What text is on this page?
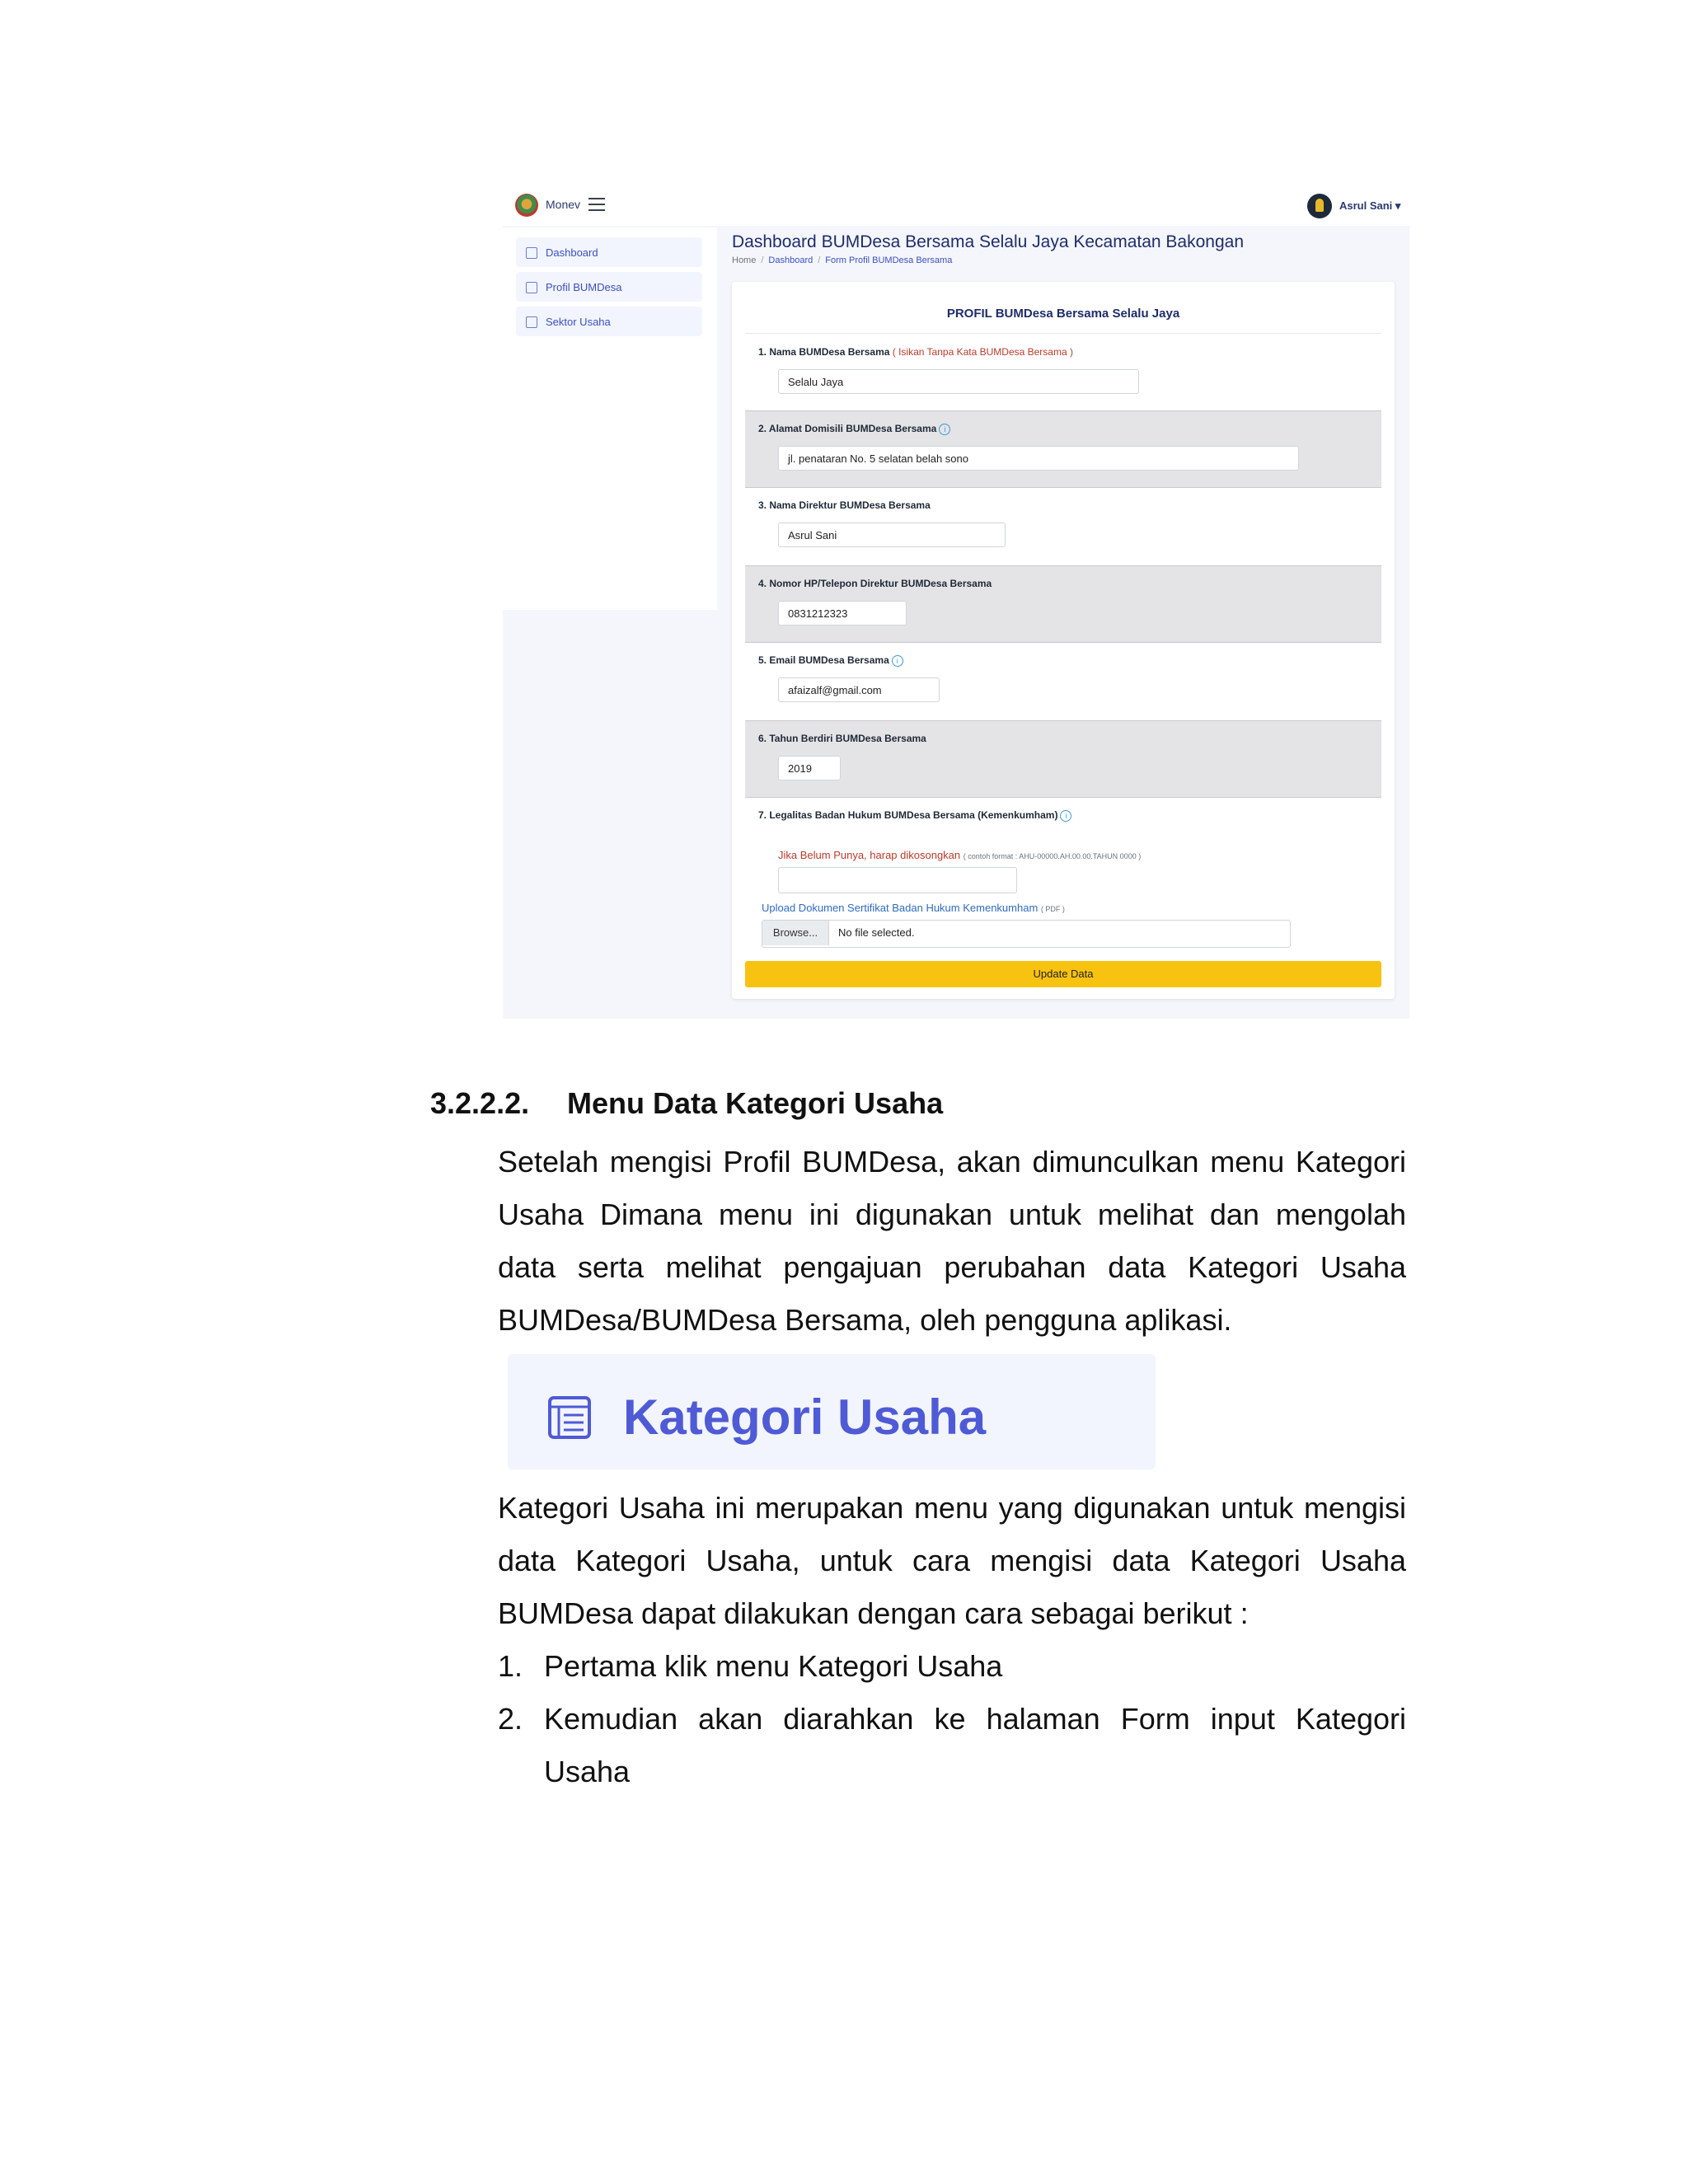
Monev	Asrul Sani ▾
Dashboard
Profil BUMDesa
Sektor Usaha
Dashboard BUMDesa Bersama Selalu Jaya Kecamatan Bakongan
Home / Dashboard / Form Profil BUMDesa Bersama
PROFIL BUMDesa Bersama Selalu Jaya
1. Nama BUMDesa Bersama ( Isikan Tanpa Kata BUMDesa Bersama )
Selalu Jaya
2. Alamat Domisili BUMDesa Bersama i
jl. penataran No. 5 selatan belah sono
3. Nama Direktur BUMDesa Bersama
Asrul Sani
4. Nomor HP/Telepon Direktur BUMDesa Bersama
0831212323
5. Email BUMDesa Bersama i
afaizalf@gmail.com
6. Tahun Berdiri BUMDesa Bersama
2019
7. Legalitas Badan Hukum BUMDesa Bersama (Kemenkumham) i
Jika Belum Punya, harap dikosongkan ( contoh format : AHU-00000.AH.00.00.TAHUN 0000 )
Upload Dokumen Sertifikat Badan Hukum Kemenkumham ( PDF )
Browse...	No file selected.
Update Data
3.2.2.2. Menu Data Kategori Usaha

Setelah mengisi Profil BUMDesa, akan dimunculkan menu Kategori Usaha Dimana menu ini digunakan untuk melihat dan mengolah data serta melihat pengajuan perubahan data Kategori Usaha BUMDesa/BUMDesa Bersama, oleh pengguna aplikasi.

Kategori Usaha

Kategori Usaha ini merupakan menu yang digunakan untuk mengisi data Kategori Usaha, untuk cara mengisi data Kategori Usaha BUMDesa dapat dilakukan dengan cara sebagai berikut :

1. Pertama klik menu Kategori Usaha
2. Kemudian akan diarahkan ke halaman Form input Kategori Usaha
